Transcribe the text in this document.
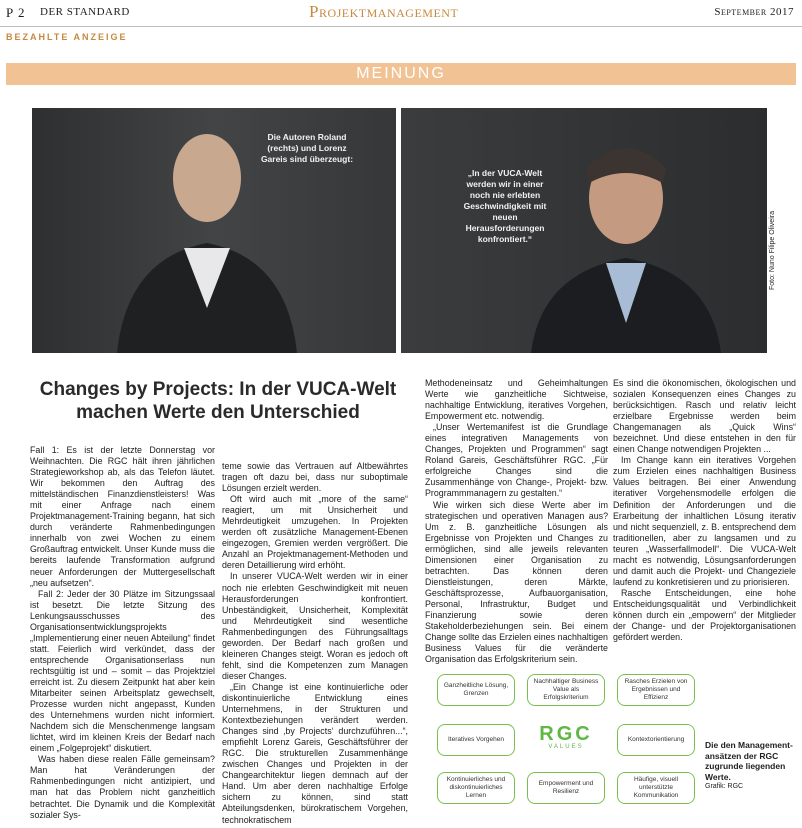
P 2 DER STANDARD	Projektmanagement	September 2017
BEZAHLTE ANZEIGE
MEINUNG
Die Autoren Roland (rechts) und Lorenz Gareis sind überzeugt:
„In der VUCA-Welt werden wir in einer noch nie erlebten Geschwindigkeit mit neuen Herausforderungen konfrontiert.“	Foto: Nuno Filipe Oliveira
Changes by Projects: In der VUCA-Welt machen Werte den Unterschied

Fall 1: Es ist der letzte Donnerstag vor Weihnachten. Die RGC hält ihren jährlichen Strategieworkshop ab, als das Telefon läutet. Wir bekommen den Auftrag des mittelständischen Finanzdienstleisters! Was mit einer Anfrage nach einem Projektmanagement-Training begann, hat sich durch veränderte Rahmenbedingungen innerhalb von zwei Wochen zu einem Großauftrag entwickelt. Unser Kunde muss die bereits laufende Transformation aufgrund neuer Anforderungen der Muttergesellschaft „neu aufsetzen“.

Fall 2: Jeder der 30 Plätze im Sitzungssaal ist besetzt. Die letzte Sitzung des Lenkungsausschusses des Organisationsentwicklungsprojekts „Implementierung einer neuen Abteilung“ findet statt. Feierlich wird verkündet, dass der entsprechende Organisationserlass nun rechtsgültig ist und – somit – das Projektziel erreicht ist. Zu diesem Zeitpunkt hat aber kein Mitarbeiter seinen Arbeitsplatz gewechselt, Prozesse wurden nicht angepasst, Kunden des Unternehmens wurden nicht informiert. Nachdem sich die Menschenmenge langsam lichtet, wird im kleinen Kreis der Bedarf nach einem „Folgeprojekt“ diskutiert.

Was haben diese realen Fälle gemeinsam? Man hat Veränderungen der Rahmenbedingungen nicht antizipiert, und man hat das Problem nicht ganzheitlich betrachtet. Die Dynamik und die Komplexität sozialer Sys-

teme sowie das Vertrauen auf Altbewährtes tragen oft dazu bei, dass nur suboptimale Lösungen erzielt werden.

Oft wird auch mit „more of the same“ reagiert, um mit Unsicherheit und Mehrdeutigkeit umzugehen. In Projekten werden oft zusätzliche Management-Ebenen eingezogen, Gremien werden vergrößert. Die Anzahl an Projektmanagement-Methoden und deren Detaillierung wird erhöht.

In unserer VUCA-Welt werden wir in einer noch nie erlebten Geschwindigkeit mit neuen Herausforderungen konfrontiert. Unbeständigkeit, Unsicherheit, Komplexität und Mehrdeutigkeit sind wesentliche Rahmenbedingungen des Führungsalltags geworden. Der Bedarf nach großen und kleineren Changes steigt. Woran es jedoch oft fehlt, sind die Kompetenzen zum Managen dieser Changes.

„Ein Change ist eine kontinuierliche oder diskontinuierliche Entwicklung eines Unternehmens, in der Strukturen und Kontextbeziehungen verändert werden. Changes sind ‚by Projects‘ durchzuführen...“, empfiehlt Lorenz Gareis, Geschäftsführer der RGC. Die strukturellen Zusammenhänge zwischen Changes und Projekten in der Changearchitektur liegen demnach auf der Hand. Um aber deren nachhaltige Erfolge sichern zu können, sind statt Abteilungsdenken, bürokratischem Vorgehen, technokratischem

Methodeneinsatz und Geheimhaltungen Werte wie ganzheitliche Sichtweise, nachhaltige Entwicklung, iteratives Vorgehen, Empowerment etc. notwendig.

„Unser Wertemanifest ist die Grundlage eines integrativen Managements von Changes, Projekten und Programmen“ sagt Roland Gareis, Geschäftsführer RGC. „Für erfolgreiche Changes sind die Zusammenhänge von Change-, Projekt- bzw. Programmmanagern zu gestalten.“

Wie wirken sich diese Werte aber im strategischen und operativen Managen aus? Um z. B. ganzheitliche Lösungen als Ergebnisse von Projekten und Changes zu ermöglichen, sind alle jeweils relevanten Dimensionen einer Organisation zu betrachten. Das können deren Dienstleistungen, deren Märkte, Geschäftsprozesse, Aufbauorganisation, Personal, Infrastruktur, Budget und Finanzierung sowie deren Stakeholderbeziehungen sein. Bei einem Change sollte das Erzielen eines nachhaltigen Business Values für die veränderte Organisation das Erfolgskriterium sein.

Es sind die ökonomischen, ökologischen und sozialen Konsequenzen eines Changes zu berücksichtigen. Rasch und relativ leicht erzielbare Ergebnisse werden beim Changemanagen als „Quick Wins“ bezeichnet. Und diese entstehen in den für einen Change notwendigen Projekten ...

Im Change kann ein iteratives Vorgehen zum Erzielen eines nachhaltigen Business Values beitragen. Bei einer Anwendung iterativer Vorgehensmodelle erfolgen die Definition der Anforderungen und die Erarbeitung der inhaltlichen Lösung iterativ und nicht sequenziell, z. B. entsprechend dem traditionellen, aber zu langsamen und zu teuren „Wasserfallmodell“. Die VUCA-Welt macht es notwendig, Lösungsanforderungen und damit auch die Projekt- und Changeziele laufend zu konkretisieren und zu priorisieren.

Rasche Entscheidungen, eine hohe Entscheidungsqualität und Verbindlichkeit können durch ein „empowern“ der Mitglieder der Change- und der Projektorganisationen gefördert werden.

Ganzheitliche Lösung, Grenzen
Nachhaltiger Business Value als Erfolgskriterium
Rasches Erzielen von Ergebnissen und Effizienz
Iteratives Vorgehen	RGC
VALUES
Kontextorientierung
Kontinuierliches und diskontinuierliches Lernen
Empowerment und Resilienz
Häufige, visuell unterstützte Kommunikation
Die den Management-ansätzen der RGC zugrunde liegenden Werte.
Grafik: RGC
